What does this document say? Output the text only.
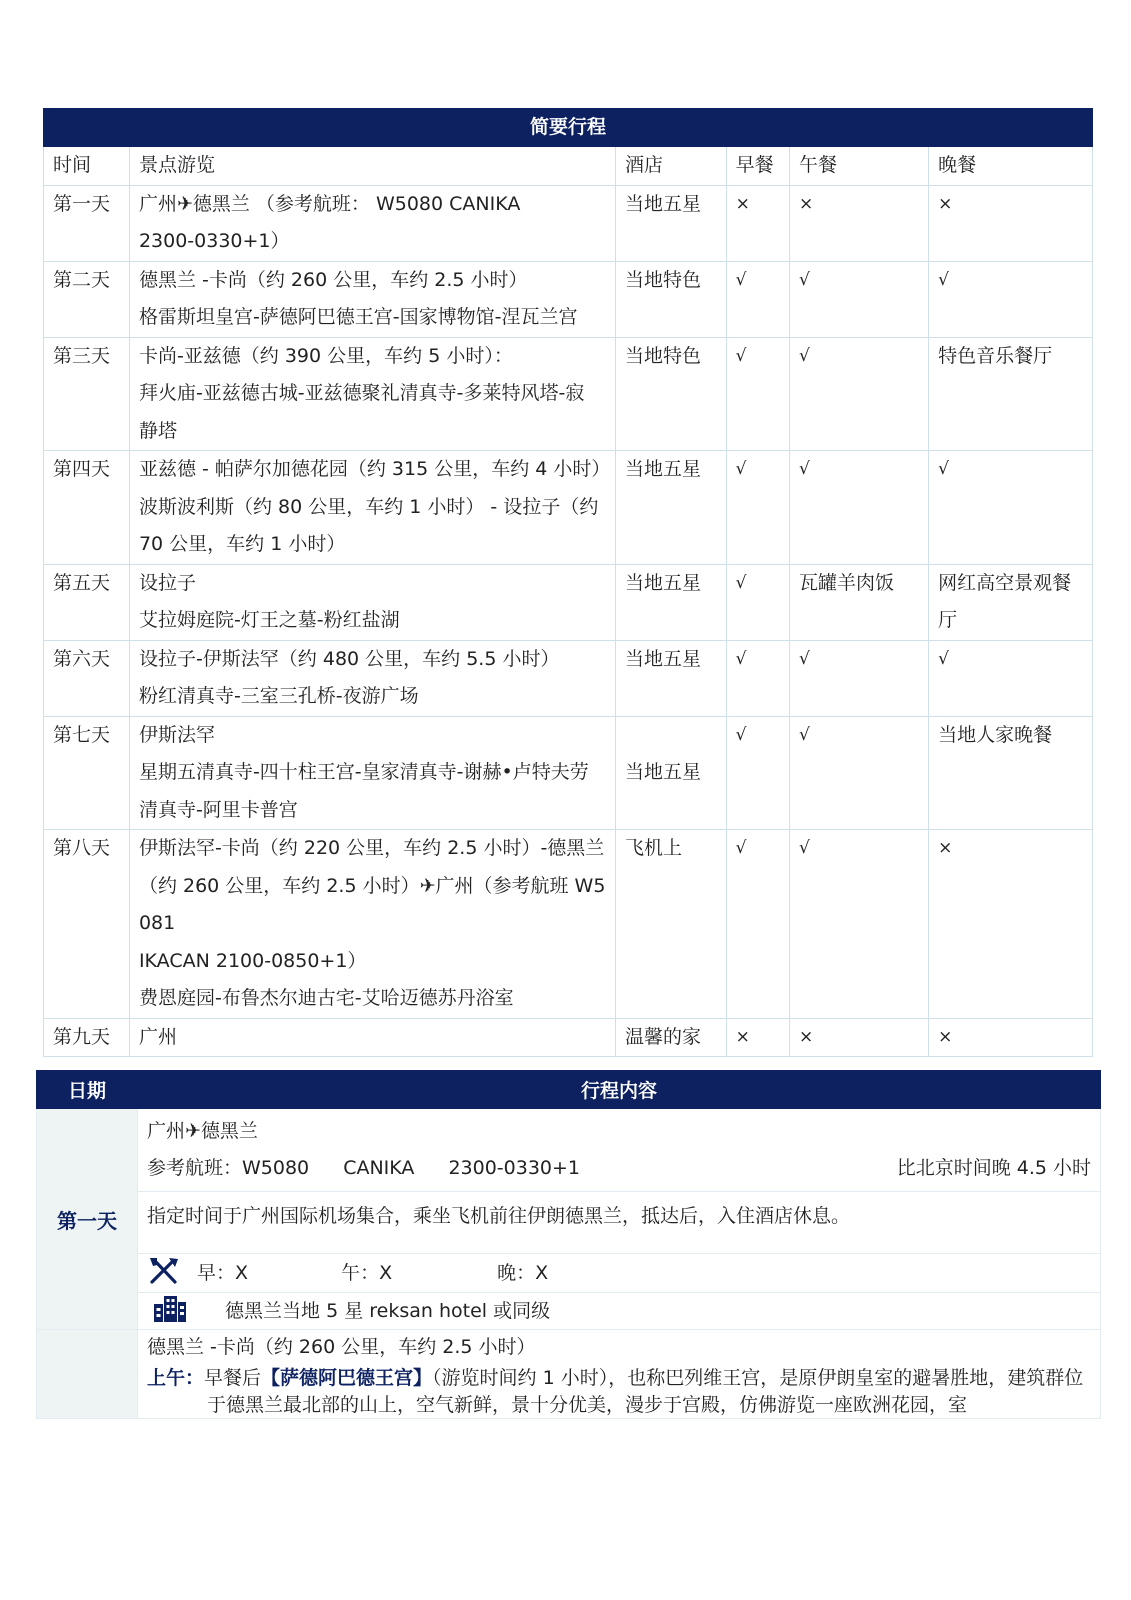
简要行程					
时间	景点游览	酒店	早餐	午餐	晚餐
第一天	广州✈德黑兰 （参考航班： W5080 CANIKA
2300-0330+1）	当地五星	×	×	×
第二天	德黑兰 -卡尚（约 260 公里，车约 2.5 小时）
格雷斯坦皇宫-萨德阿巴德王宫-国家博物馆-涅瓦兰宫	当地特色	√	√	√
第三天	卡尚-亚兹德（约 390 公里，车约 5 小时）：
拜火庙-亚兹德古城-亚兹德聚礼清真寺-多莱特风塔-寂
静塔	当地特色	√	√	特色音乐餐厅
第四天	亚兹德 - 帕萨尔加德花园（约 315 公里，车约 4 小时）
波斯波利斯（约 80 公里，车约 1 小时） - 设拉子（约
70 公里，车约 1 小时）	当地五星	√	√	√
第五天	设拉子
艾拉姆庭院-灯王之墓-粉红盐湖	当地五星	√	瓦罐羊肉饭	网红高空景观餐厅
第六天	设拉子-伊斯法罕（约 480 公里，车约 5.5 小时）
粉红清真寺-三室三孔桥-夜游广场	当地五星	√	√	√
第七天	伊斯法罕
星期五清真寺-四十柱王宫-皇家清真寺-谢赫•卢特夫劳
清真寺-阿里卡普宫	当地五星	√	√	当地人家晚餐
第八天	伊斯法罕-卡尚（约 220 公里，车约 2.5 小时）-德黑兰
（约 260 公里，车约 2.5 小时）✈广州（参考航班 W5081
IKACAN 2100-0850+1）
费恩庭园-布鲁杰尔迪古宅-艾哈迈德苏丹浴室	飞机上	√	√	×
第九天	广州	温馨的家	×	×	×
日期	行程内容
第一天	广州✈德黑兰
参考航班：W5080 CANIKA 2300-0330+1 比北京时间晚 4.5 小时

	指定时间于广州国际机场集合，乘坐飞机前往伊朗德黑兰，抵达后，入住酒店休息。
	早：X 午：X 晚：X
	德黑兰当地 5 星 reksan hotel 或同级

	德黑兰 -卡尚（约 260 公里，车约 2.5 小时）
上午：早餐后【萨德阿巴德王宫】（游览时间约 1 小时），也称巴列维王宫，是原伊朗皇室的避暑胜地，建筑群位于德黑兰最北部的山上，空气新鲜，景十分优美，漫步于宫殿，仿佛游览一座欧洲花园，室
